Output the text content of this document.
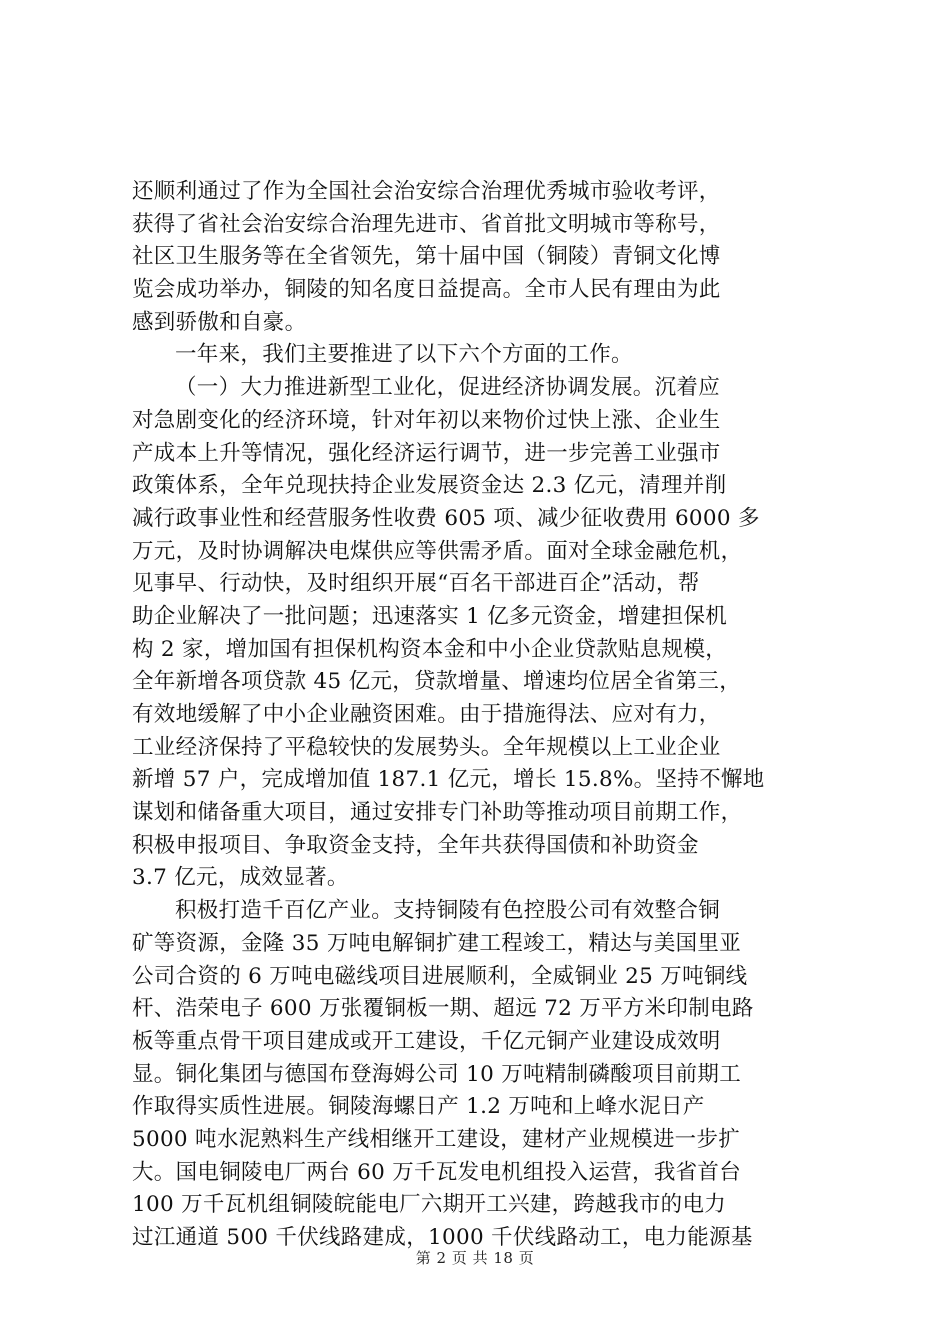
还顺利通过了作为全国社会治安综合治理优秀城市验收考评，
获得了省社会治安综合治理先进市、省首批文明城市等称号，
社区卫生服务等在全省领先，第十届中国（铜陵）青铜文化博
览会成功举办，铜陵的知名度日益提高。全市人民有理由为此
感到骄傲和自豪。
一年来，我们主要推进了以下六个方面的工作。
（一）大力推进新型工业化，促进经济协调发展。沉着应
对急剧变化的经济环境，针对年初以来物价过快上涨、企业生
产成本上升等情况，强化经济运行调节，进一步完善工业强市
政策体系，全年兑现扶持企业发展资金达 2.3 亿元，清理并削
减行政事业性和经营服务性收费 605 项、减少征收费用 6000 多
万元，及时协调解决电煤供应等供需矛盾。面对全球金融危机，
见事早、行动快，及时组织开展“百名干部进百企”活动，帮
助企业解决了一批问题；迅速落实 1 亿多元资金，增建担保机
构 2 家，增加国有担保机构资本金和中小企业贷款贴息规模，
全年新增各项贷款 45 亿元，贷款增量、增速均位居全省第三，
有效地缓解了中小企业融资困难。由于措施得法、应对有力，
工业经济保持了平稳较快的发展势头。全年规模以上工业企业
新增 57 户，完成增加值 187.1 亿元，增长 15.8%。坚持不懈地
谋划和储备重大项目，通过安排专门补助等推动项目前期工作，
积极申报项目、争取资金支持，全年共获得国债和补助资金
3.7 亿元，成效显著。
积极打造千百亿产业。支持铜陵有色控股公司有效整合铜
矿等资源，金隆 35 万吨电解铜扩建工程竣工，精达与美国里亚
公司合资的 6 万吨电磁线项目进展顺利，全威铜业 25 万吨铜线
杆、浩荣电子 600 万张覆铜板一期、超远 72 万平方米印制电路
板等重点骨干项目建成或开工建设，千亿元铜产业建设成效明
显。铜化集团与德国布登海姆公司 10 万吨精制磷酸项目前期工
作取得实质性进展。铜陵海螺日产 1.2 万吨和上峰水泥日产
5000 吨水泥熟料生产线相继开工建设，建材产业规模进一步扩
大。国电铜陵电厂两台 60 万千瓦发电机组投入运营，我省首台
100 万千瓦机组铜陵皖能电厂六期开工兴建，跨越我市的电力
过江通道 500 千伏线路建成，1000 千伏线路动工，电力能源基
第 2 页 共 18 页
